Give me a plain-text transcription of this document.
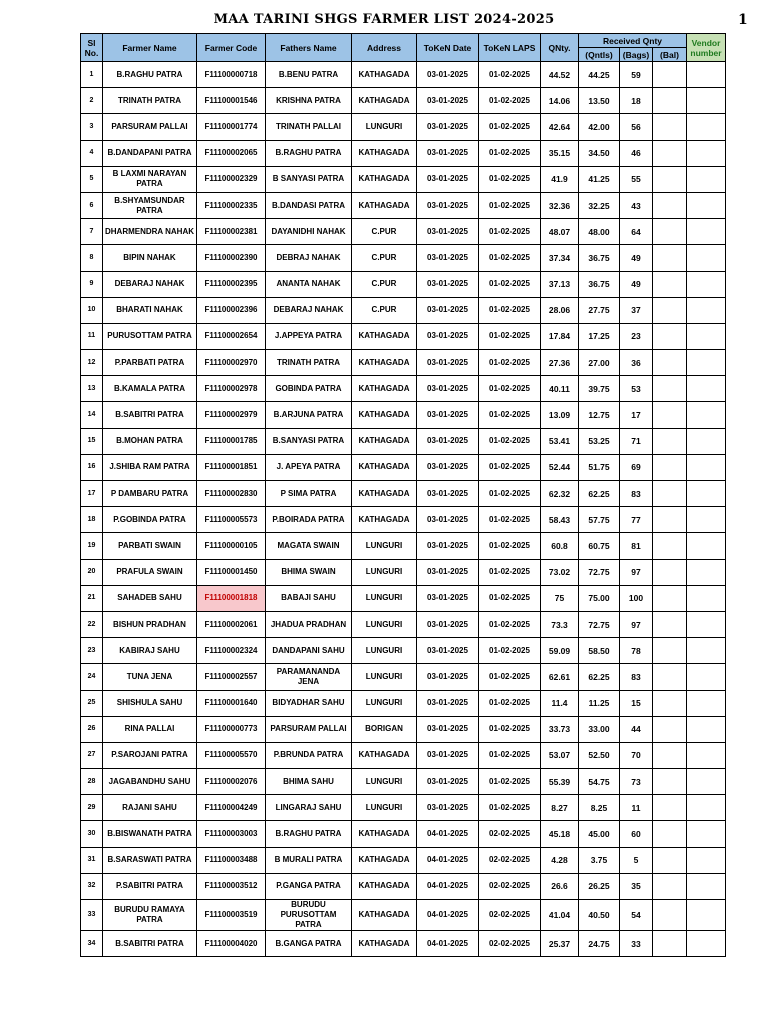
MAA TARINI SHGS FARMER LIST 2024-2025	1
Sl No.	Farmer Name	Farmer Code	Fathers Name	Address	ToKeN Date	ToKeN LAPS	QNty.	Received Qnty			Vendor number
								(Qntls)	(Bags)	(Bal)	
1	B.RAGHU PATRA	F11100000718	B.BENU PATRA	KATHAGADA	03-01-2025	01-02-2025	44.52	44.25	59		
2	TRINATH PATRA	F11100001546	KRISHNA PATRA	KATHAGADA	03-01-2025	01-02-2025	14.06	13.50	18		
3	PARSURAM PALLAI	F11100001774	TRINATH PALLAI	LUNGURI	03-01-2025	01-02-2025	42.64	42.00	56		
4	B.DANDAPANI PATRA	F11100002065	B.RAGHU PATRA	KATHAGADA	03-01-2025	01-02-2025	35.15	34.50	46		
5	B LAXMI NARAYAN PATRA	F11100002329	B SANYASI PATRA	KATHAGADA	03-01-2025	01-02-2025	41.9	41.25	55		
6	B.SHYAMSUNDAR PATRA	F11100002335	B.DANDASI PATRA	KATHAGADA	03-01-2025	01-02-2025	32.36	32.25	43		
7	DHARMENDRA NAHAK	F11100002381	DAYANIDHI NAHAK	C.PUR	03-01-2025	01-02-2025	48.07	48.00	64		
8	BIPIN NAHAK	F11100002390	DEBRAJ NAHAK	C.PUR	03-01-2025	01-02-2025	37.34	36.75	49		
9	DEBARAJ NAHAK	F11100002395	ANANTA NAHAK	C.PUR	03-01-2025	01-02-2025	37.13	36.75	49		
10	BHARATI NAHAK	F11100002396	DEBARAJ NAHAK	C.PUR	03-01-2025	01-02-2025	28.06	27.75	37		
11	PURUSOTTAM PATRA	F11100002654	J.APPEYA PATRA	KATHAGADA	03-01-2025	01-02-2025	17.84	17.25	23		
12	P.PARBATI PATRA	F11100002970	TRINATH PATRA	KATHAGADA	03-01-2025	01-02-2025	27.36	27.00	36		
13	B.KAMALA PATRA	F11100002978	GOBINDA PATRA	KATHAGADA	03-01-2025	01-02-2025	40.11	39.75	53		
14	B.SABITRI PATRA	F11100002979	B.ARJUNA PATRA	KATHAGADA	03-01-2025	01-02-2025	13.09	12.75	17		
15	B.MOHAN PATRA	F11100001785	B.SANYASI PATRA	KATHAGADA	03-01-2025	01-02-2025	53.41	53.25	71		
16	J.SHIBA RAM PATRA	F11100001851	J. APEYA PATRA	KATHAGADA	03-01-2025	01-02-2025	52.44	51.75	69		
17	P DAMBARU PATRA	F11100002830	P SIMA PATRA	KATHAGADA	03-01-2025	01-02-2025	62.32	62.25	83		
18	P.GOBINDA PATRA	F11100005573	P.BOIRADA PATRA	KATHAGADA	03-01-2025	01-02-2025	58.43	57.75	77		
19	PARBATI SWAIN	F11100000105	MAGATA SWAIN	LUNGURI	03-01-2025	01-02-2025	60.8	60.75	81		
20	PRAFULA SWAIN	F11100001450	BHIMA SWAIN	LUNGURI	03-01-2025	01-02-2025	73.02	72.75	97		
21	SAHADEB SAHU	F11100001818	BABAJI SAHU	LUNGURI	03-01-2025	01-02-2025	75	75.00	100		
22	BISHUN PRADHAN	F11100002061	JHADUA PRADHAN	LUNGURI	03-01-2025	01-02-2025	73.3	72.75	97		
23	KABIRAJ SAHU	F11100002324	DANDAPANI SAHU	LUNGURI	03-01-2025	01-02-2025	59.09	58.50	78		
24	TUNA JENA	F11100002557	PARAMANANDA JENA	LUNGURI	03-01-2025	01-02-2025	62.61	62.25	83		
25	SHISHULA SAHU	F11100001640	BIDYADHAR SAHU	LUNGURI	03-01-2025	01-02-2025	11.4	11.25	15		
26	RINA PALLAI	F11100000773	PARSURAM PALLAI	BORIGAN	03-01-2025	01-02-2025	33.73	33.00	44		
27	P.SAROJANI PATRA	F11100005570	P.BRUNDA PATRA	KATHAGADA	03-01-2025	01-02-2025	53.07	52.50	70		
28	JAGABANDHU SAHU	F11100002076	BHIMA SAHU	LUNGURI	03-01-2025	01-02-2025	55.39	54.75	73		
29	RAJANI SAHU	F11100004249	LINGARAJ SAHU	LUNGURI	03-01-2025	01-02-2025	8.27	8.25	11		
30	B.BISWANATH PATRA	F11100003003	B.RAGHU PATRA	KATHAGADA	04-01-2025	02-02-2025	45.18	45.00	60		
31	B.SARASWATI PATRA	F11100003488	B MURALI PATRA	KATHAGADA	04-01-2025	02-02-2025	4.28	3.75	5		
32	P.SABITRI PATRA	F11100003512	P.GANGA PATRA	KATHAGADA	04-01-2025	02-02-2025	26.6	26.25	35		
33	BURUDU RAMAYA PATRA	F11100003519	BURUDU PURUSOTTAM PATRA	KATHAGADA	04-01-2025	02-02-2025	41.04	40.50	54		
34	B.SABITRI PATRA	F11100004020	B.GANGA PATRA	KATHAGADA	04-01-2025	02-02-2025	25.37	24.75	33		
